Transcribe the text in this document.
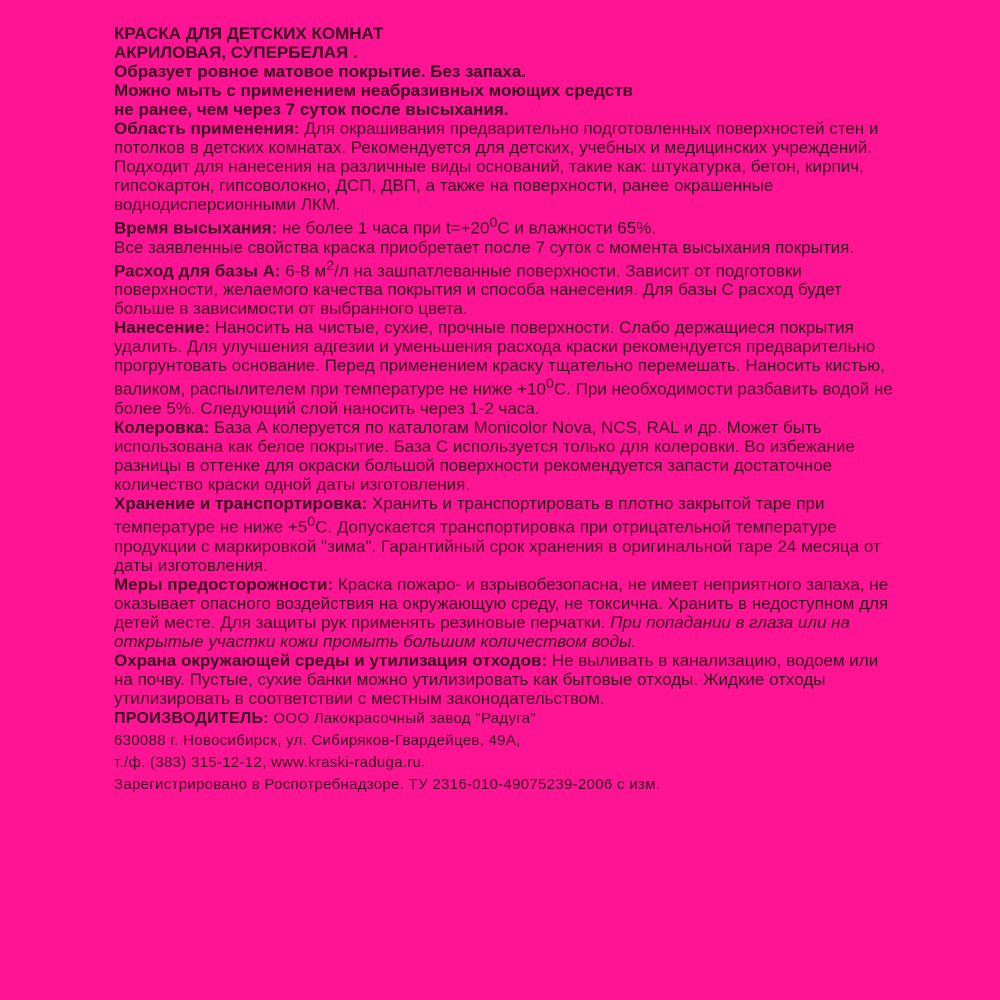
КРАСКА ДЛЯ ДЕТСКИХ КОМНАТ

АКРИЛОВАЯ, СУПЕРБЕЛАЯ .

Образует ровное матовое покрытие. Без запаха.

Можно мыть с применением неабразивных моющих средств

не ранее, чем через 7 суток после высыхания.

Область применения: Для окрашивания предварительно подготовленных поверхностей стен и потолков в детских комнатах. Рекомендуется для детских, учебных и медицинских учреждений. Подходит для нанесения на различные виды оснований, такие как: штукатурка, бетон, кирпич, гипсокартон, гипсоволокно, ДСП, ДВП, а также на поверхности, ранее окрашенные воднодисперсионными ЛКМ.

Время высыхания: не более 1 часа при $t=+20^0С$ и влажности 65%.

Все заявленные свойства краска приобретает после 7 суток с момента высыхания покрытия.

Расход для базы А: 6-8 $м^2/л$ на зашпатлеванные поверхности. Зависит от подготовки поверхности, желаемого качества покрытия и способа нанесения. Для базы С расход будет больше в зависимости от выбранного цвета.

Нанесение: Наносить на чистые, сухие, прочные поверхности. Слабо держащиеся покрытия удалить. Для улучшения адгезии и уменьшения расхода краски рекомендуется предварительно прогрунтовать основание. Перед применением краску тщательно перемешать. Наносить кистью, валиком, распылителем при температуре не ниже $+10^0С$. При необходимости разбавить водой не более 5%. Следующий слой наносить через 1-2 часа.

Колеровка: База А колеруется по каталогам Monicolor Nova, NCS, RAL и др. Может быть использована как белое покрытие. База С используется только для колеровки. Во избежание разницы в оттенке для окраски большой поверхности рекомендуется запасти достаточное количество краски одной даты изготовления.

Хранение и транспортировка: Хранить и транспортировать в плотно закрытой таре при температуре не ниже $+5^0С$. Допускается транспортировка при отрицательной температуре продукции с маркировкой "зима". Гарантийный срок хранения в оригинальной таре 24 месяца от даты изготовления.

Меры предосторожности: Краска пожаро- и взрывобезопасна, не имеет неприятного запаха, не оказывает опасного воздействия на окружающую среду, не токсична. Хранить в недоступном для детей месте. Для защиты рук применять резиновые перчатки. При попадании в глаза или на открытые участки кожи промыть большим количеством воды.

Охрана окружающей среды и утилизация отходов: Не выливать в канализацию, водоем или на почву. Пустые, сухие банки можно утилизировать как бытовые отходы. Жидкие отходы утилизировать в соответствии с местным законодательством.

ПРОИЗВОДИТЕЛЬ: ООО Лакокрасочный завод "Радуга"

630088 г. Новосибирск, ул. Сибиряков-Гвардейцев, 49А,

т./ф. (383) 315-12-12, www.kraski-raduga.ru.

Зарегистрировано в Роспотребнадзоре. ТУ 2316-010-49075239-2006 с изм.
